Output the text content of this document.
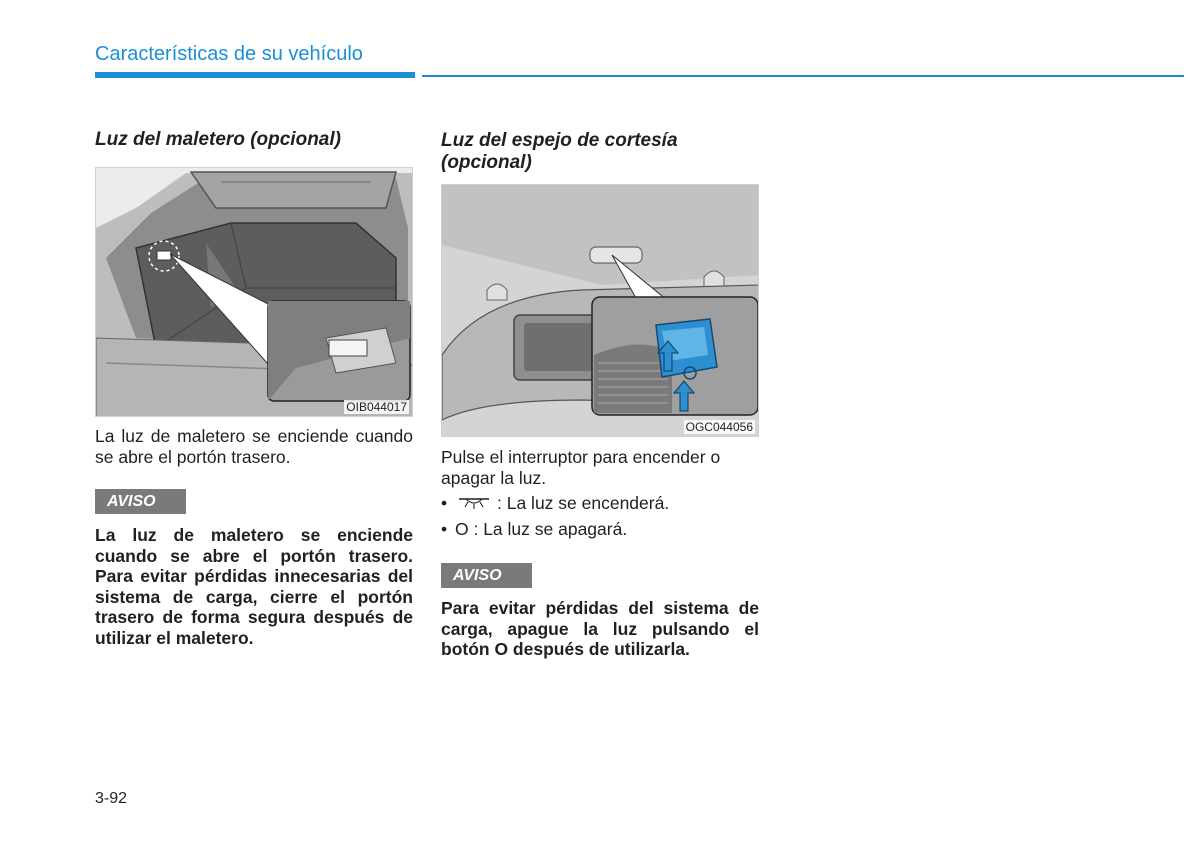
Características de su vehículo
Luz del maletero (opcional)
OIB044017
La luz de maletero se enciende cuando se abre el portón trasero.
AVISO
La luz de maletero se enciende cuando se abre el portón trasero. Para evitar pérdidas innecesarias del sistema de carga, cierre el portón trasero de forma segura después de utilizar el maletero.
Luz del espejo de cortesía (opcional)
OGC044056
Pulse el interruptor para encender o apagar la luz.
•	: La luz se encenderá.
• O : La luz se apagará.
AVISO
Para evitar pérdidas del sistema de carga, apague la luz pulsando el botón O después de utilizarla.
3-92
